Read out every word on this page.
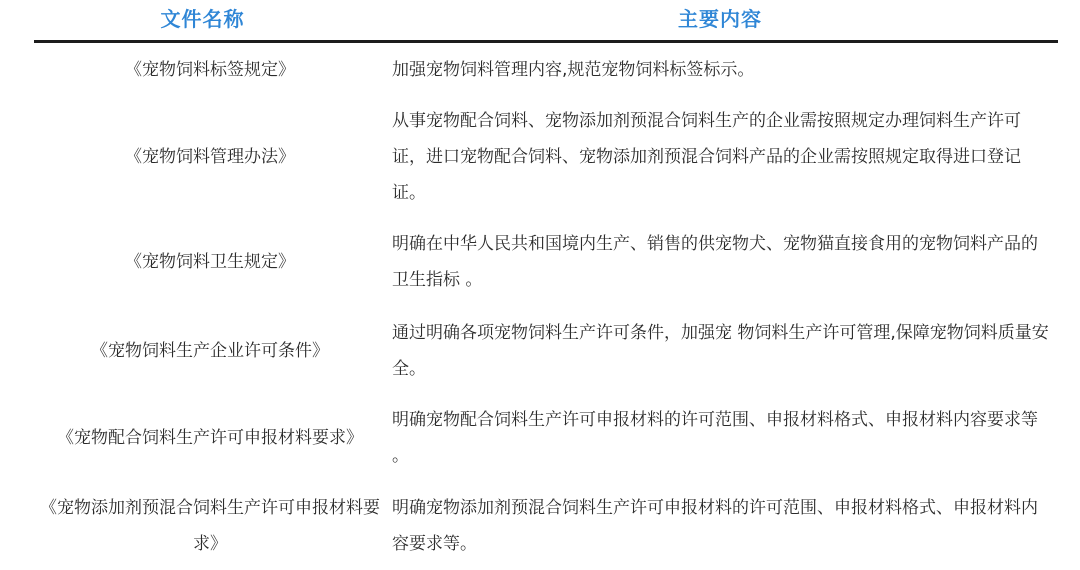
文件名称	主要内容
《宠物饲料标签规定》	加强宠物饲料管理内容,规范宠物饲料标签标示。
《宠物饲料管理办法》
从事宠物配合饲料、宠物添加剂预混合饲料生产的企业需按照规定办理饲料生产许可证，进口宠物配合饲料、宠物添加剂预混合饲料产品的企业需按照规定取得进口登记证。
《宠物饲料卫生规定》
明确在中华人民共和国境内生产、销售的供宠物犬、宠物猫直接食用的宠物饲料产品的卫生指标 。
《宠物饲料生产企业许可条件》
通过明确各项宠物饲料生产许可条件，加强宠 物饲料生产许可管理,保障宠物饲料质量安全。
《宠物配合饲料生产许可申报材料要求》
明确宠物配合饲料生产许可申报材料的许可范围、申报材料格式、申报材料内容要求等 。
《宠物添加剂预混合饲料生产许可申报材料要求》
明确宠物添加剂预混合饲料生产许可申报材料的许可范围、申报材料格式、申报材料内容要求等。
